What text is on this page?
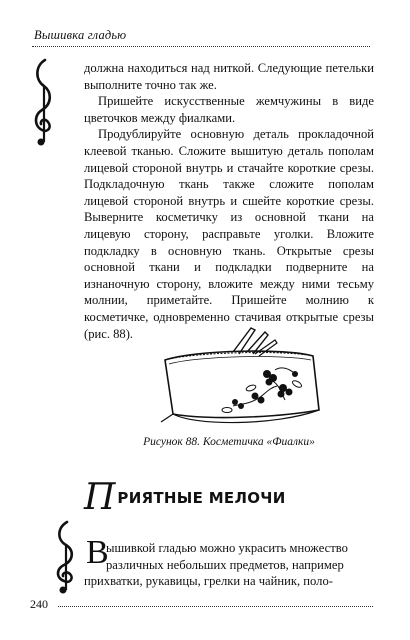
Вышивка гладью

должна находиться над ниткой. Следующие петельки выполните точно так же.

Пришейте искусственные жемчужины в виде цветочков между фиалками.

Продублируйте основную деталь прокладочной клеевой тканью. Сложите вышитую деталь пополам лицевой стороной внутрь и стачайте короткие срезы. Подкладочную ткань также сложите пополам лицевой стороной внутрь и сшейте короткие срезы. Выверните косметичку из основной ткани на лицевую сторону, расправьте уголки. Вложите подкладку в основную ткань. Открытые срезы основной ткани и подкладки подверните на изнаночную сторону, вложите между ними тесьму молнии, приметайте. Пришейте молнию к косметичке, одновременно стачивая открытые срезы (рис. 88).

Рисунок 88. Косметичка «Фиалки»
П РИЯТНЫЕ МЕЛОЧИ
В
ышивкой гладью можно украсить множество
различных небольших предметов, например
прихватки, рукавицы, грелки на чайник, поло-
240
